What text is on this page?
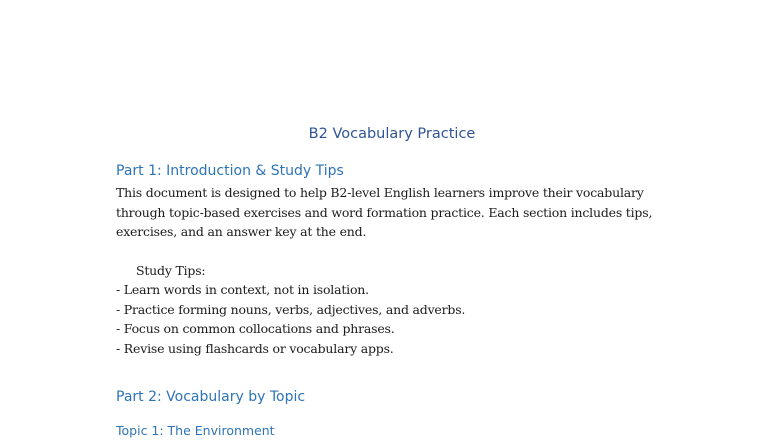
B2 Vocabulary Practice
Part 1: Introduction & Study Tips
This document is designed to help B2-level English learners improve their vocabulary
through topic-based exercises and word formation practice. Each section includes tips,
exercises, and an answer key at the end.
Study Tips:
- Learn words in context, not in isolation.
- Practice forming nouns, verbs, adjectives, and adverbs.
- Focus on common collocations and phrases.
- Revise using flashcards or vocabulary apps.
Part 2: Vocabulary by Topic
Topic 1: The Environment
